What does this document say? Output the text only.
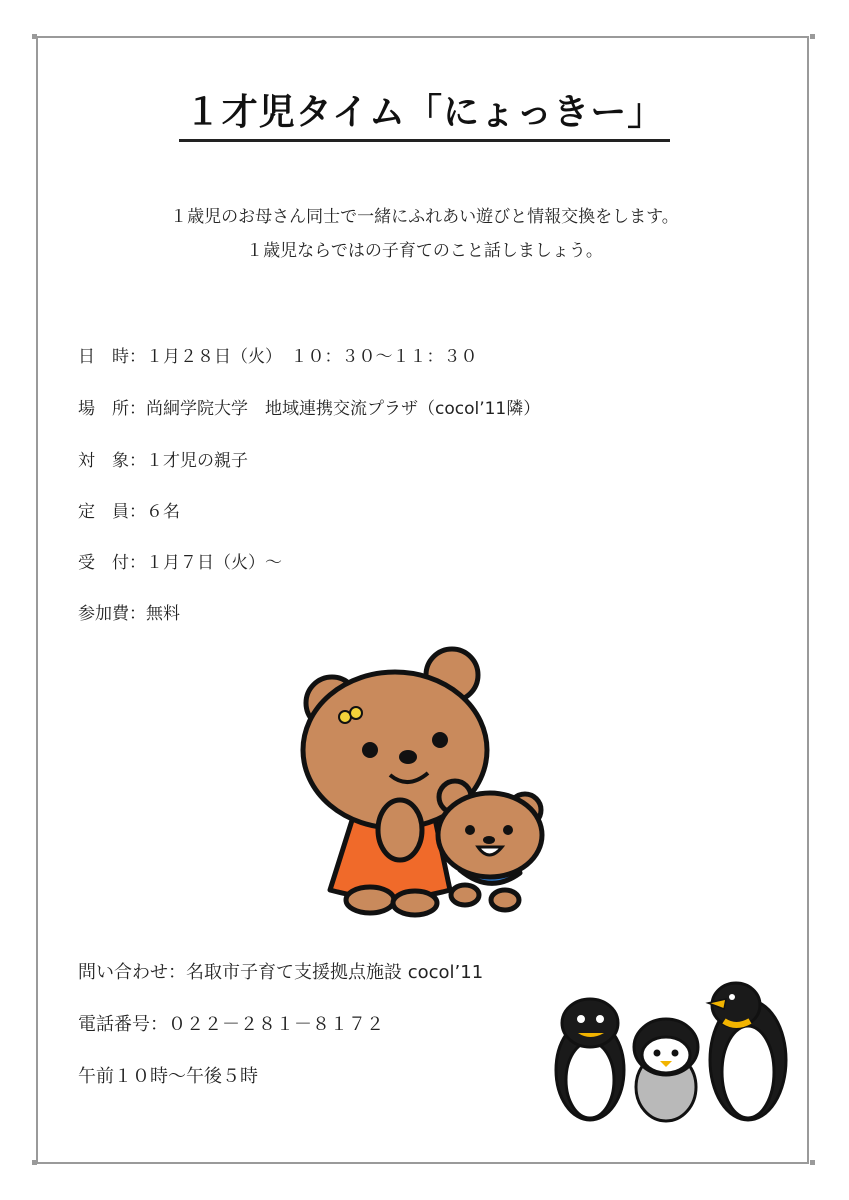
１才児タイム「にょっきー」
１歳児のお母さん同士で一緒にふれあい遊びと情報交換をします。
１歳児ならではの子育てのこと話しましょう。
日　時：１月２８日（火）　１０：３０～１１：３０
場　所：尚絅学院大学　地域連携交流プラザ（cocol’11隣）
対　象：１才児の親子
定　員：６名
受　付：１月７日（火）～
参加費：無料
問い合わせ：名取市子育て支援拠点施設 cocol’11
電話番号：０２２－２８１－８１７２
午前１０時～午後５時
